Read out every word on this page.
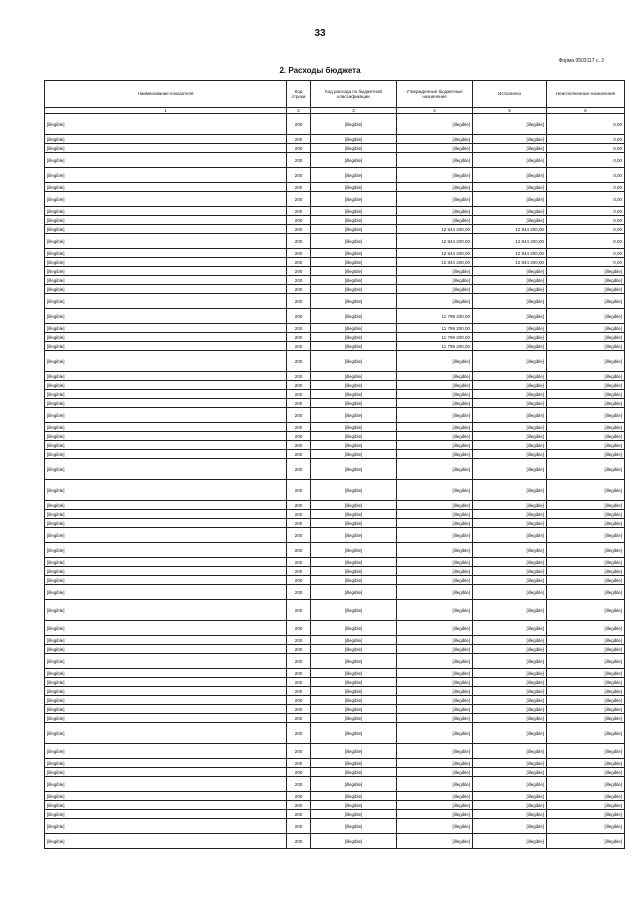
33
Форма 0503117 с. 2
2. Расходы бюджета
Наименование показателя	Код строки	Код расхода по бюджетной классификации	Утвержденные бюджетные назначения	Исполнено	Неисполненные назначения
1	2	3	4	5	6
[illegible]	200	[illegible]	[illegible]	[illegible]	0,00
[illegible]	200	[illegible]	[illegible]	[illegible]	0,00
[illegible]	200	[illegible]	[illegible]	[illegible]	0,00
[illegible]	200	[illegible]	[illegible]	[illegible]	0,00
[illegible]	200	[illegible]	[illegible]	[illegible]	0,00
[illegible]	200	[illegible]	[illegible]	[illegible]	0,00
[illegible]	200	[illegible]	[illegible]	[illegible]	0,00
[illegible]	200	[illegible]	[illegible]	[illegible]	0,00
[illegible]	200	[illegible]	[illegible]	[illegible]	0,00
[illegible]	200	[illegible]	12 844 200,00	12 844 200,00	0,00
[illegible]	200	[illegible]	12 844 200,00	12 844 200,00	0,00
[illegible]	200	[illegible]	12 844 200,00	12 844 200,00	0,00
[illegible]	200	[illegible]	12 844 200,00	12 844 200,00	0,00
[illegible]	200	[illegible]	[illegible]	[illegible]	[illegible]
[illegible]	200	[illegible]	[illegible]	[illegible]	[illegible]
[illegible]	200	[illegible]	[illegible]	[illegible]	[illegible]
[illegible]	200	[illegible]	[illegible]	[illegible]	[illegible]
[illegible]	200	[illegible]	11 799 200,00	[illegible]	[illegible]
[illegible]	200	[illegible]	11 799 200,00	[illegible]	[illegible]
[illegible]	200	[illegible]	11 799 200,00	[illegible]	[illegible]
[illegible]	200	[illegible]	11 799 200,00	[illegible]	[illegible]
[illegible]	200	[illegible]	[illegible]	[illegible]	[illegible]
[illegible]	200	[illegible]	[illegible]	[illegible]	[illegible]
[illegible]	200	[illegible]	[illegible]	[illegible]	[illegible]
[illegible]	200	[illegible]	[illegible]	[illegible]	[illegible]
[illegible]	200	[illegible]	[illegible]	[illegible]	[illegible]
[illegible]	200	[illegible]	[illegible]	[illegible]	[illegible]
[illegible]	200	[illegible]	[illegible]	[illegible]	[illegible]
[illegible]	200	[illegible]	[illegible]	[illegible]	[illegible]
[illegible]	200	[illegible]	[illegible]	[illegible]	[illegible]
[illegible]	200	[illegible]	[illegible]	[illegible]	[illegible]
[illegible]	200	[illegible]	[illegible]	[illegible]	[illegible]
[illegible]	200	[illegible]	[illegible]	[illegible]	[illegible]
[illegible]	200	[illegible]	[illegible]	[illegible]	[illegible]
[illegible]	200	[illegible]	[illegible]	[illegible]	[illegible]
[illegible]	200	[illegible]	[illegible]	[illegible]	[illegible]
[illegible]	200	[illegible]	[illegible]	[illegible]	[illegible]
[illegible]	200	[illegible]	[illegible]	[illegible]	[illegible]
[illegible]	200	[illegible]	[illegible]	[illegible]	[illegible]
[illegible]	200	[illegible]	[illegible]	[illegible]	[illegible]
[illegible]	200	[illegible]	[illegible]	[illegible]	[illegible]
[illegible]	200	[illegible]	[illegible]	[illegible]	[illegible]
[illegible]	200	[illegible]	[illegible]	[illegible]	[illegible]
[illegible]	200	[illegible]	[illegible]	[illegible]	[illegible]
[illegible]	200	[illegible]	[illegible]	[illegible]	[illegible]
[illegible]	200	[illegible]	[illegible]	[illegible]	[illegible]
[illegible]	200	[illegible]	[illegible]	[illegible]	[illegible]
[illegible]	200	[illegible]	[illegible]	[illegible]	[illegible]
[illegible]	200	[illegible]	[illegible]	[illegible]	[illegible]
[illegible]	200	[illegible]	[illegible]	[illegible]	[illegible]
[illegible]	200	[illegible]	[illegible]	[illegible]	[illegible]
[illegible]	200	[illegible]	[illegible]	[illegible]	[illegible]
[illegible]	200	[illegible]	[illegible]	[illegible]	[illegible]
[illegible]	200	[illegible]	[illegible]	[illegible]	[illegible]
[illegible]	200	[illegible]	[illegible]	[illegible]	[illegible]
[illegible]	200	[illegible]	[illegible]	[illegible]	[illegible]
[illegible]	200	[illegible]	[illegible]	[illegible]	[illegible]
[illegible]	200	[illegible]	[illegible]	[illegible]	[illegible]
[illegible]	200	[illegible]	[illegible]	[illegible]	[illegible]
[illegible]	200	[illegible]	[illegible]	[illegible]	[illegible]
[illegible]	200	[illegible]	[illegible]	[illegible]	[illegible]
[illegible]	200	[illegible]	[illegible]	[illegible]	[illegible]
[illegible]	200	[illegible]	[illegible]	[illegible]	[illegible]
